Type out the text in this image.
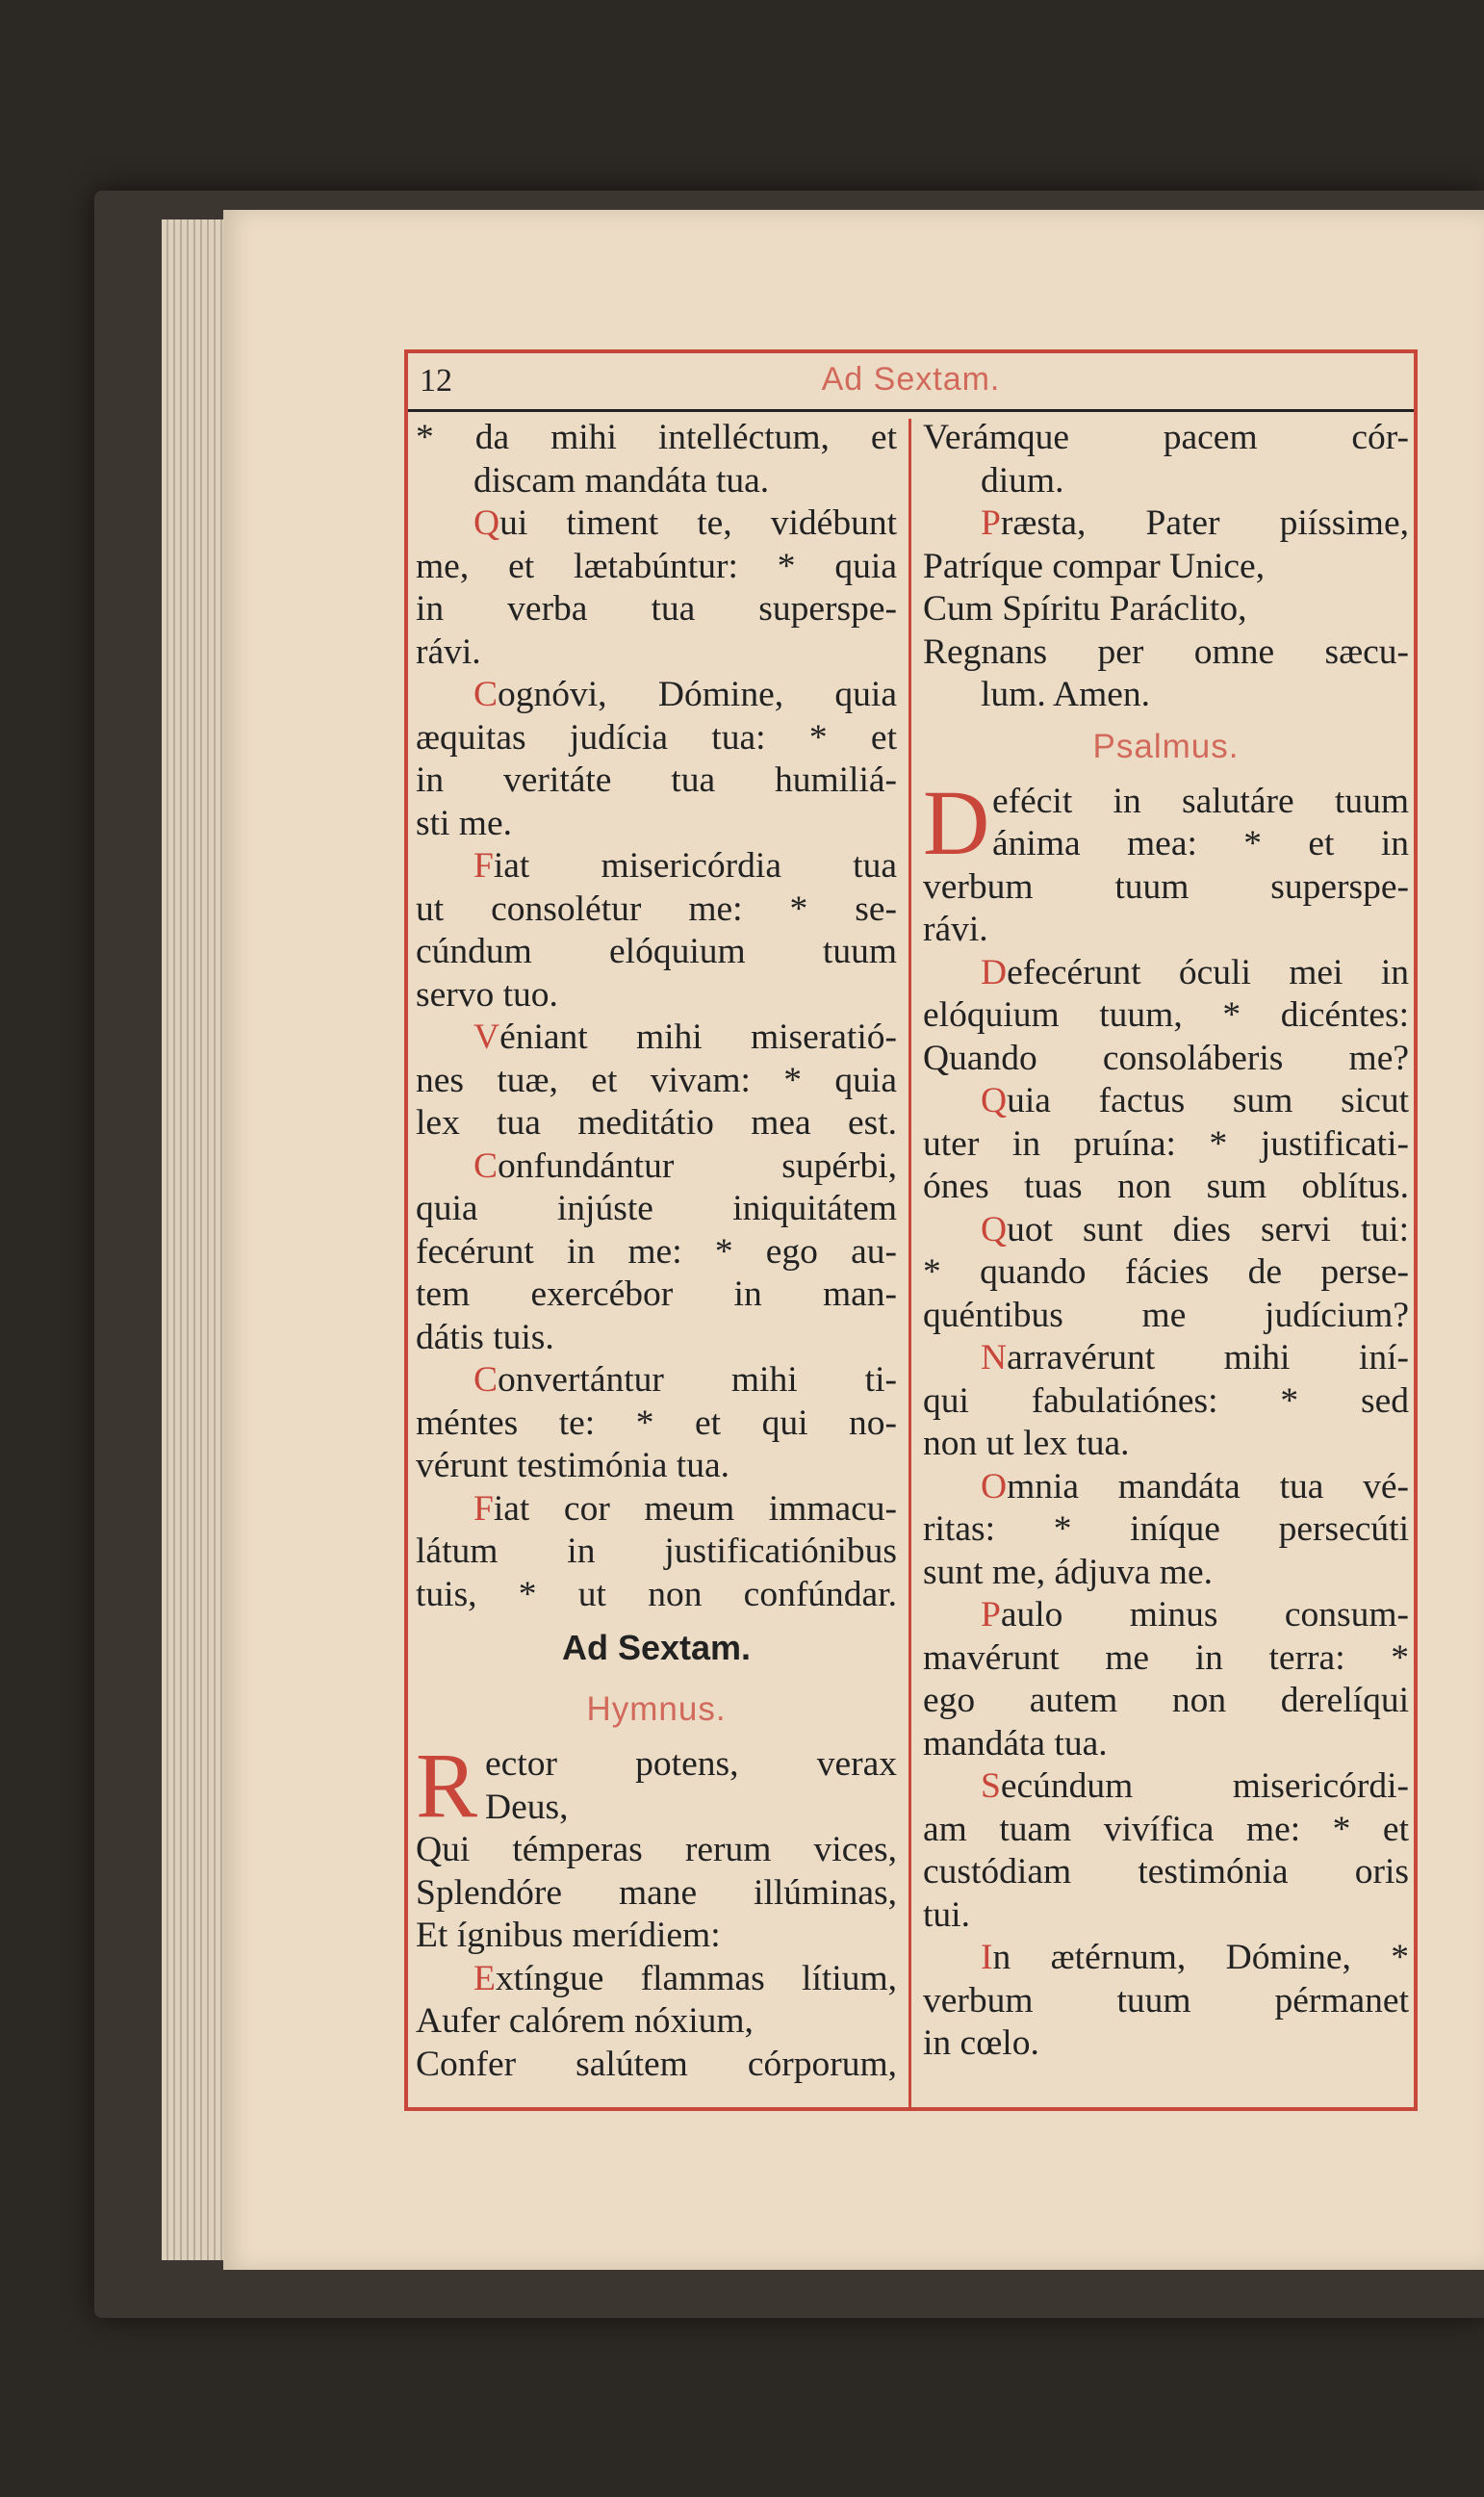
12	Ad Sextam.
* da mihi intelléctum, et
discam mandáta tua.
Qui timent te, vidébunt
me, et lætabúntur: * quia
in verba tua superspe-
rávi.
Cognóvi, Dómine, quia
æquitas judícia tua: * et
in veritáte tua humiliá-
sti me.
Fiat misericórdia tua
ut consolétur me: * se-
cúndum elóquium tuum
servo tuo.
Véniant mihi miseratió-
nes tuæ, et vivam: * quia
lex tua meditátio mea est.
Confundántur supérbi,
quia injúste iniquitátem
fecérunt in me: * ego au-
tem exercébor in man-
dátis tuis.
Convertántur mihi ti-
méntes te: * et qui no-
vérunt testimónia tua.
Fiat cor meum immacu-
látum in justificatiónibus
tuis, * ut non confúndar.
Ad Sextam.
Hymnus.
R ector potens, verax
Deus,
Qui témperas rerum vices,
Splendóre mane illúminas,
Et ígnibus merídiem:
Extíngue flammas lítium,
Aufer calórem nóxium,
Confer salútem córporum,
Verámque pacem cór-
dium.
Præsta, Pater piíssime,
Patríque compar Unice,
Cum Spíritu Paráclito,
Regnans per omne sæcu-
lum. Amen.
Psalmus.
D efécit in salutáre tuum
ánima mea: * et in
verbum tuum superspe-
rávi.
Defecérunt óculi mei in
elóquium tuum, * dicéntes:
Quando consoláberis me?
Quia factus sum sicut
uter in pruína: * justificati-
ónes tuas non sum oblítus.
Quot sunt dies servi tui:
* quando fácies de perse-
quéntibus me judícium?
Narravérunt mihi iní-
qui fabulatiónes: * sed
non ut lex tua.
Omnia mandáta tua vé-
ritas: * iníque persecúti
sunt me, ádjuva me.
Paulo minus consum-
mavérunt me in terra: *
ego autem non derelíqui
mandáta tua.
Secúndum misericórdi-
am tuam vivífica me: * et
custódiam testimónia oris
tui.
In ætérnum, Dómine, *
verbum tuum pérmanet
in cœlo.
